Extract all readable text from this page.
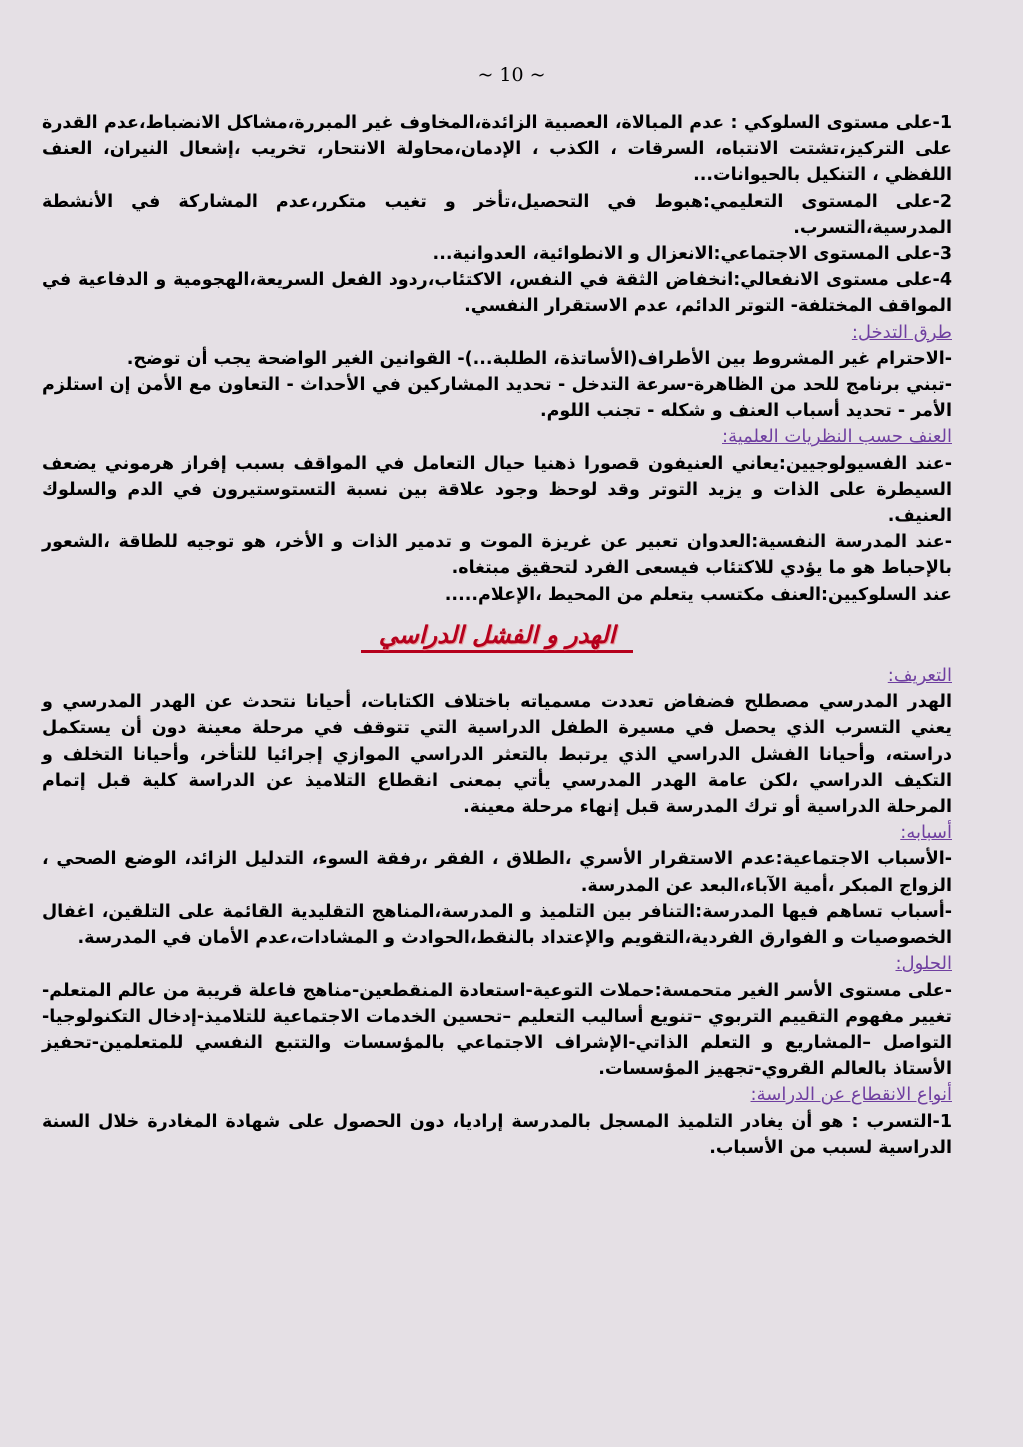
~ 10 ~

1-على مستوى السلوكي : عدم المبالاة، العصبية الزائدة،المخاوف غير المبررة،مشاكل الانضباط،عدم القدرة على التركيز،تشتت الانتباه، السرقات ، الكذب ، الإدمان،محاولة الانتحار، تخريب ،إشعال النيران، العنف اللفظي ، التنكيل بالحيوانات...

2-على المستوى التعليمي:هبوط في التحصيل،تأخر و تغيب متكرر،عدم المشاركة في الأنشطة المدرسية،التسرب.

3-على المستوى الاجتماعي:الانعزال و الانطوائية، العدوانية...

4-على مستوى الانفعالي:انخفاض الثقة في النفس، الاكتئاب،ردود الفعل السريعة،الهجومية و الدفاعية في المواقف المختلفة- التوتر الدائم، عدم الاستقرار النفسي.

طرق التدخل:

-الاحترام غير المشروط بين الأطراف(الأساتذة، الطلبة...)- القوانين الغير الواضحة يجب أن توضح.

-تبني برنامج للحد من الظاهرة-سرعة التدخل - تحديد المشاركين في الأحداث - التعاون مع الأمن إن استلزم الأمر - تحديد أسباب العنف و شكله - تجنب اللوم.

العنف حسب النظريات العلمية:

-عند الفسيولوجيين:يعاني العنيفون قصورا ذهنيا حيال التعامل في المواقف بسبب إفراز هرموني يضعف السيطرة على الذات و يزيد التوتر وقد لوحظ وجود علاقة بين نسبة التستوستيرون في الدم والسلوك العنيف.

-عند المدرسة النفسية:العدوان تعبير عن غريزة الموت و تدمير الذات و الأخر، هو توجيه للطاقة ،الشعور بالإحباط هو ما يؤدي للاكتئاب فيسعى الفرد لتحقيق مبتغاه.

عند السلوكيين:العنف مكتسب يتعلم من المحيط ،الإعلام.....

الهدر و الفشل الدراسي

التعريف:

الهدر المدرسي مصطلح فضفاض تعددت مسمياته باختلاف الكتابات، أحيانا نتحدث عن الهدر المدرسي و يعني التسرب الذي يحصل في مسيرة الطفل الدراسية التي تتوقف في مرحلة معينة دون أن يستكمل دراسته، وأحيانا الفشل الدراسي الذي يرتبط بالتعثر الدراسي الموازي إجرائيا للتأخر، وأحيانا التخلف و التكيف الدراسي ،لكن عامة الهدر المدرسي يأتي بمعنى انقطاع التلاميذ عن الدراسة كلية قبل إتمام المرحلة الدراسية أو ترك المدرسة قبل إنهاء مرحلة معينة.

أسبابه:

-الأسباب الاجتماعية:عدم الاستقرار الأسري ،الطلاق ، الفقر ،رفقة السوء، التدليل الزائد، الوضع الصحي ، الزواج المبكر ،أمية الآباء،البعد عن المدرسة.

-أسباب تساهم فيها المدرسة:التنافر بين التلميذ و المدرسة،المناهج التقليدية القائمة على التلقين، اغفال الخصوصيات و الفوارق الفردية،التقويم والإعتداد بالنقط،الحوادث و المشادات،عدم الأمان في المدرسة.

الحلول:

-على مستوى الأسر الغير متحمسة:حملات التوعية-استعادة المنقطعين-مناهج فاعلة قريبة من عالم المتعلم-تغيير مفهوم التقييم التربوي –تنويع أساليب التعليم –تحسين الخدمات الاجتماعية للتلاميذ-إدخال التكنولوجيا-التواصل –المشاريع و التعلم الذاتي-الإشراف الاجتماعي بالمؤسسات والتتبع النفسي للمتعلمين-تحفيز الأستاذ بالعالم القروي-تجهيز المؤسسات.

أنواع الانقطاع عن الدراسة:

1-التسرب : هو أن يغادر التلميذ المسجل بالمدرسة إراديا، دون الحصول على شهادة المغادرة خلال السنة الدراسية لسبب من الأسباب.
